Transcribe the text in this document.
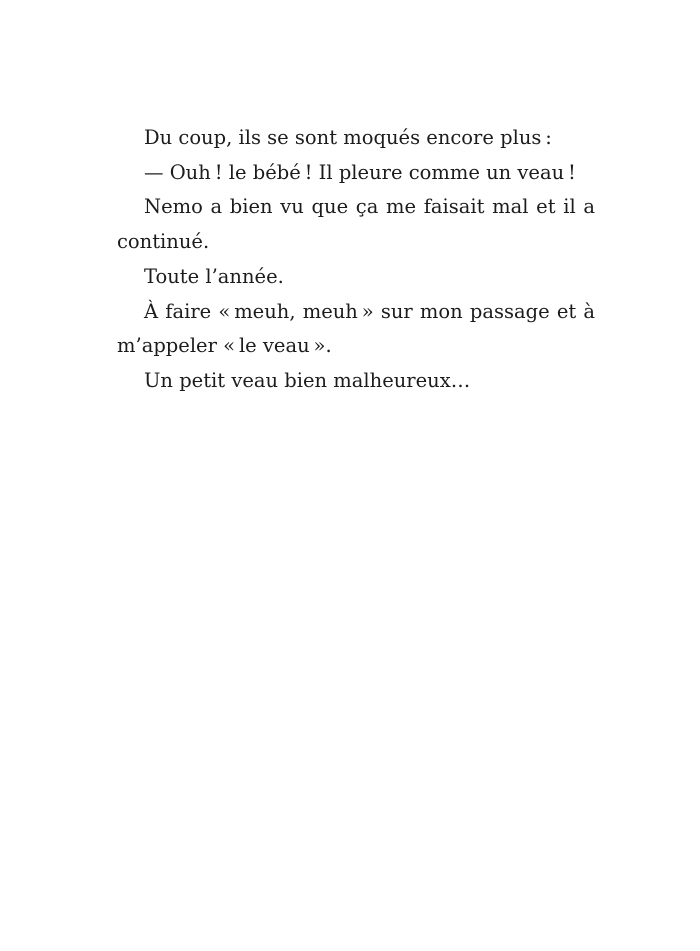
Du coup, ils se sont moqués encore plus :

— Ouh ! le bébé ! Il pleure comme un veau !

Nemo a bien vu que ça me faisait mal et il a continué.

Toute l’année.

À faire « meuh, meuh » sur mon passage et à m’appeler « le veau ».

Un petit veau bien malheureux…
